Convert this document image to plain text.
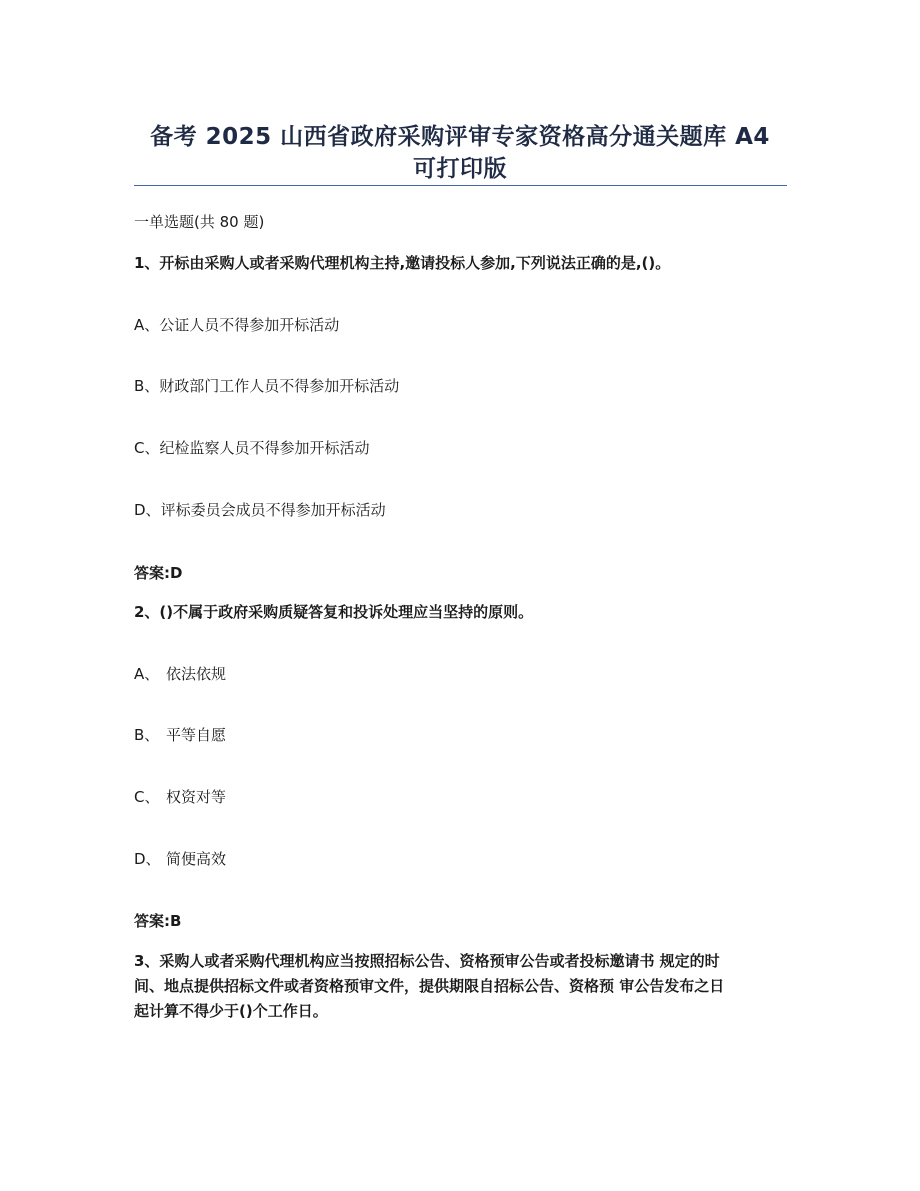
备考 2025 山西省政府采购评审专家资格高分通关题库 A4
可打印版
一单选题(共 80 题)
1、开标由采购人或者采购代理机构主持,邀请投标人参加,下列说法正确的是,()。
A、公证人员不得参加开标活动
B、财政部门工作人员不得参加开标活动
C、纪检监察人员不得参加开标活动
D、评标委员会成员不得参加开标活动
答案:D
2、()不属于政府采购质疑答复和投诉处理应当坚持的原则。
A、 依法依规
B、 平等自愿
C、 权资对等
D、 简便高效
答案:B
3、采购人或者采购代理机构应当按照招标公告、资格预审公告或者投标邀请书 规定的时
间、地点提供招标文件或者资格预审文件，提供期限自招标公告、资格预 审公告发布之日
起计算不得少于()个工作日。
